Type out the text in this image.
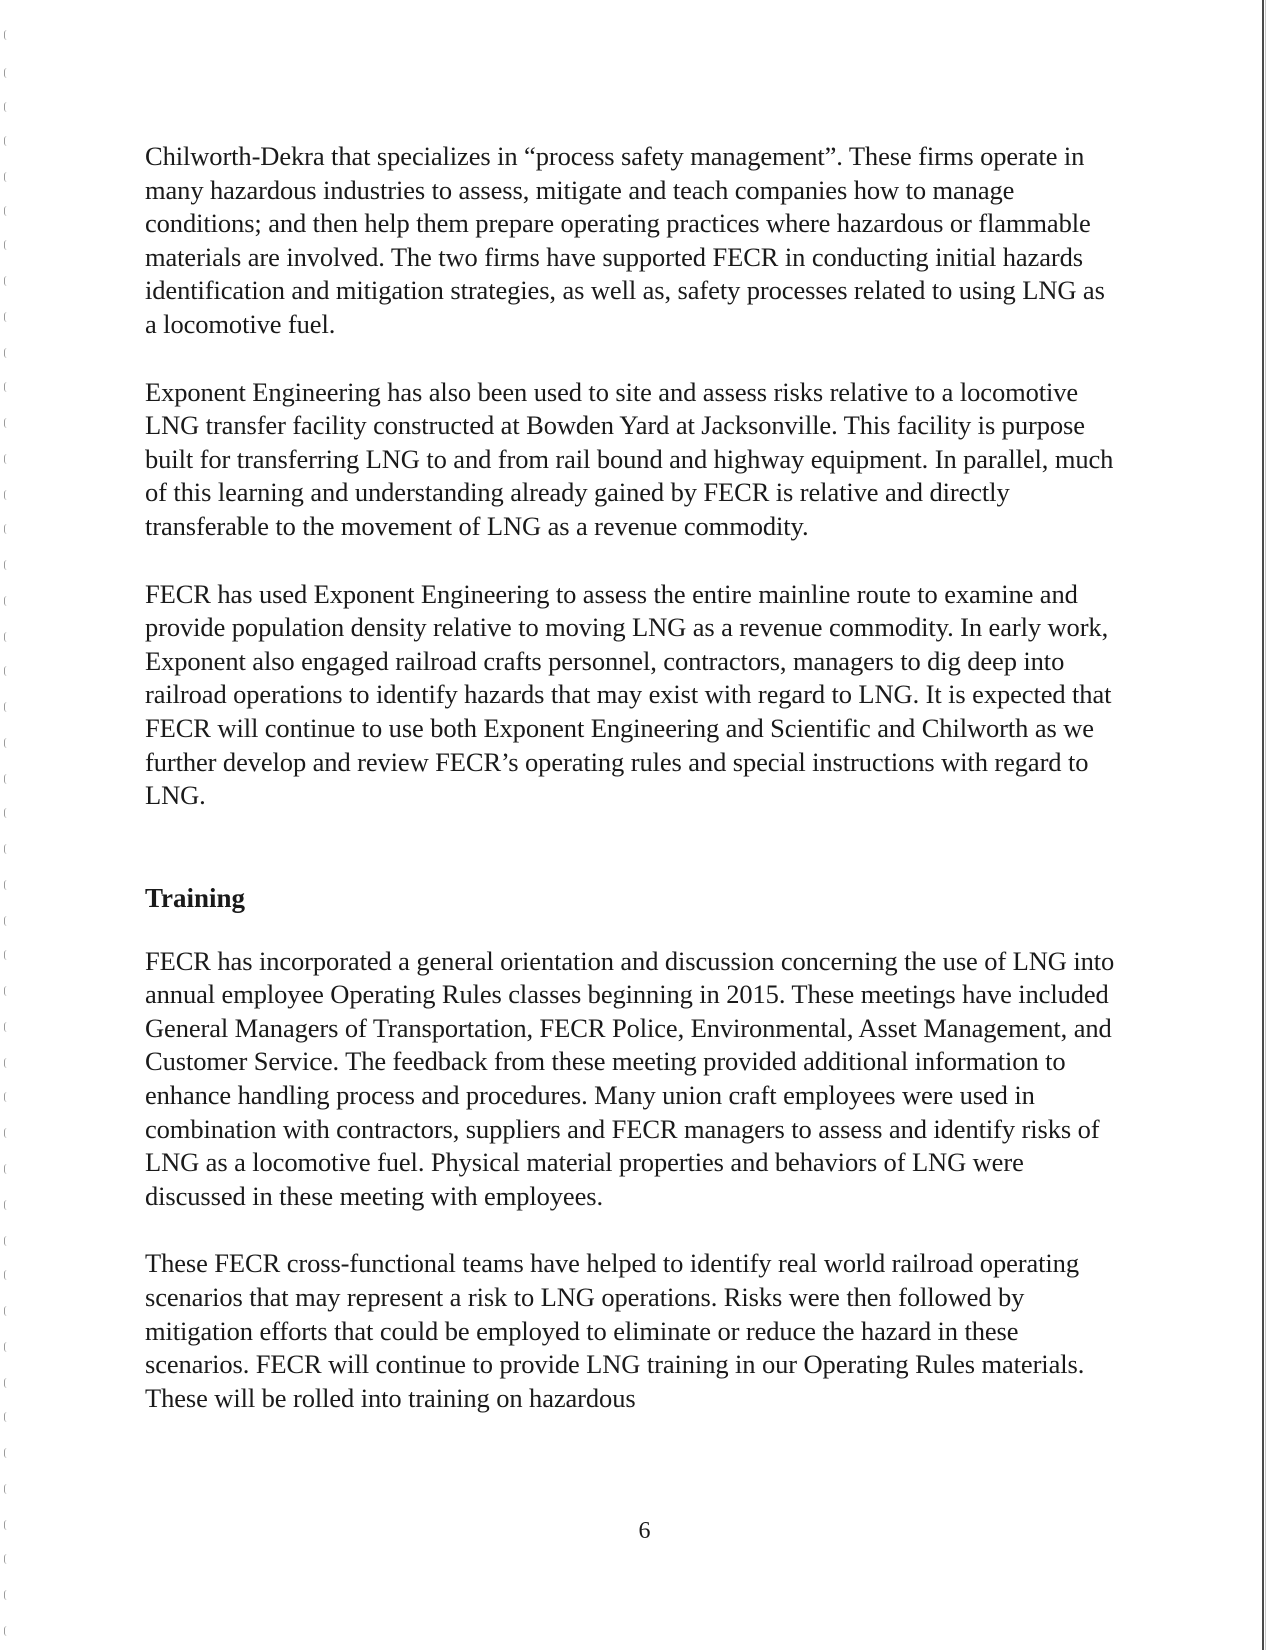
Chilworth-Dekra that specializes in “process safety management”. These firms operate in many hazardous industries to assess, mitigate and teach companies how to manage conditions; and then help them prepare operating practices where hazardous or flammable materials are involved. The two firms have supported FECR in conducting initial hazards identification and mitigation strategies, as well as, safety processes related to using LNG as a locomotive fuel.

Exponent Engineering has also been used to site and assess risks relative to a locomotive LNG transfer facility constructed at Bowden Yard at Jacksonville. This facility is purpose built for transferring LNG to and from rail bound and highway equipment. In parallel, much of this learning and understanding already gained by FECR is relative and directly transferable to the movement of LNG as a revenue commodity.

FECR has used Exponent Engineering to assess the entire mainline route to examine and provide population density relative to moving LNG as a revenue commodity. In early work, Exponent also engaged railroad crafts personnel, contractors, managers to dig deep into railroad operations to identify hazards that may exist with regard to LNG. It is expected that FECR will continue to use both Exponent Engineering and Scientific and Chilworth as we further develop and review FECR’s operating rules and special instructions with regard to LNG.

Training

FECR has incorporated a general orientation and discussion concerning the use of LNG into annual employee Operating Rules classes beginning in 2015. These meetings have included General Managers of Transportation, FECR Police, Environmental, Asset Management, and Customer Service. The feedback from these meeting provided additional information to enhance handling process and procedures. Many union craft employees were used in combination with contractors, suppliers and FECR managers to assess and identify risks of LNG as a locomotive fuel. Physical material properties and behaviors of LNG were discussed in these meeting with employees.

These FECR cross-functional teams have helped to identify real world railroad operating scenarios that may represent a risk to LNG operations. Risks were then followed by mitigation efforts that could be employed to eliminate or reduce the hazard in these scenarios. FECR will continue to provide LNG training in our Operating Rules materials. These will be rolled into training on hazardous

6
